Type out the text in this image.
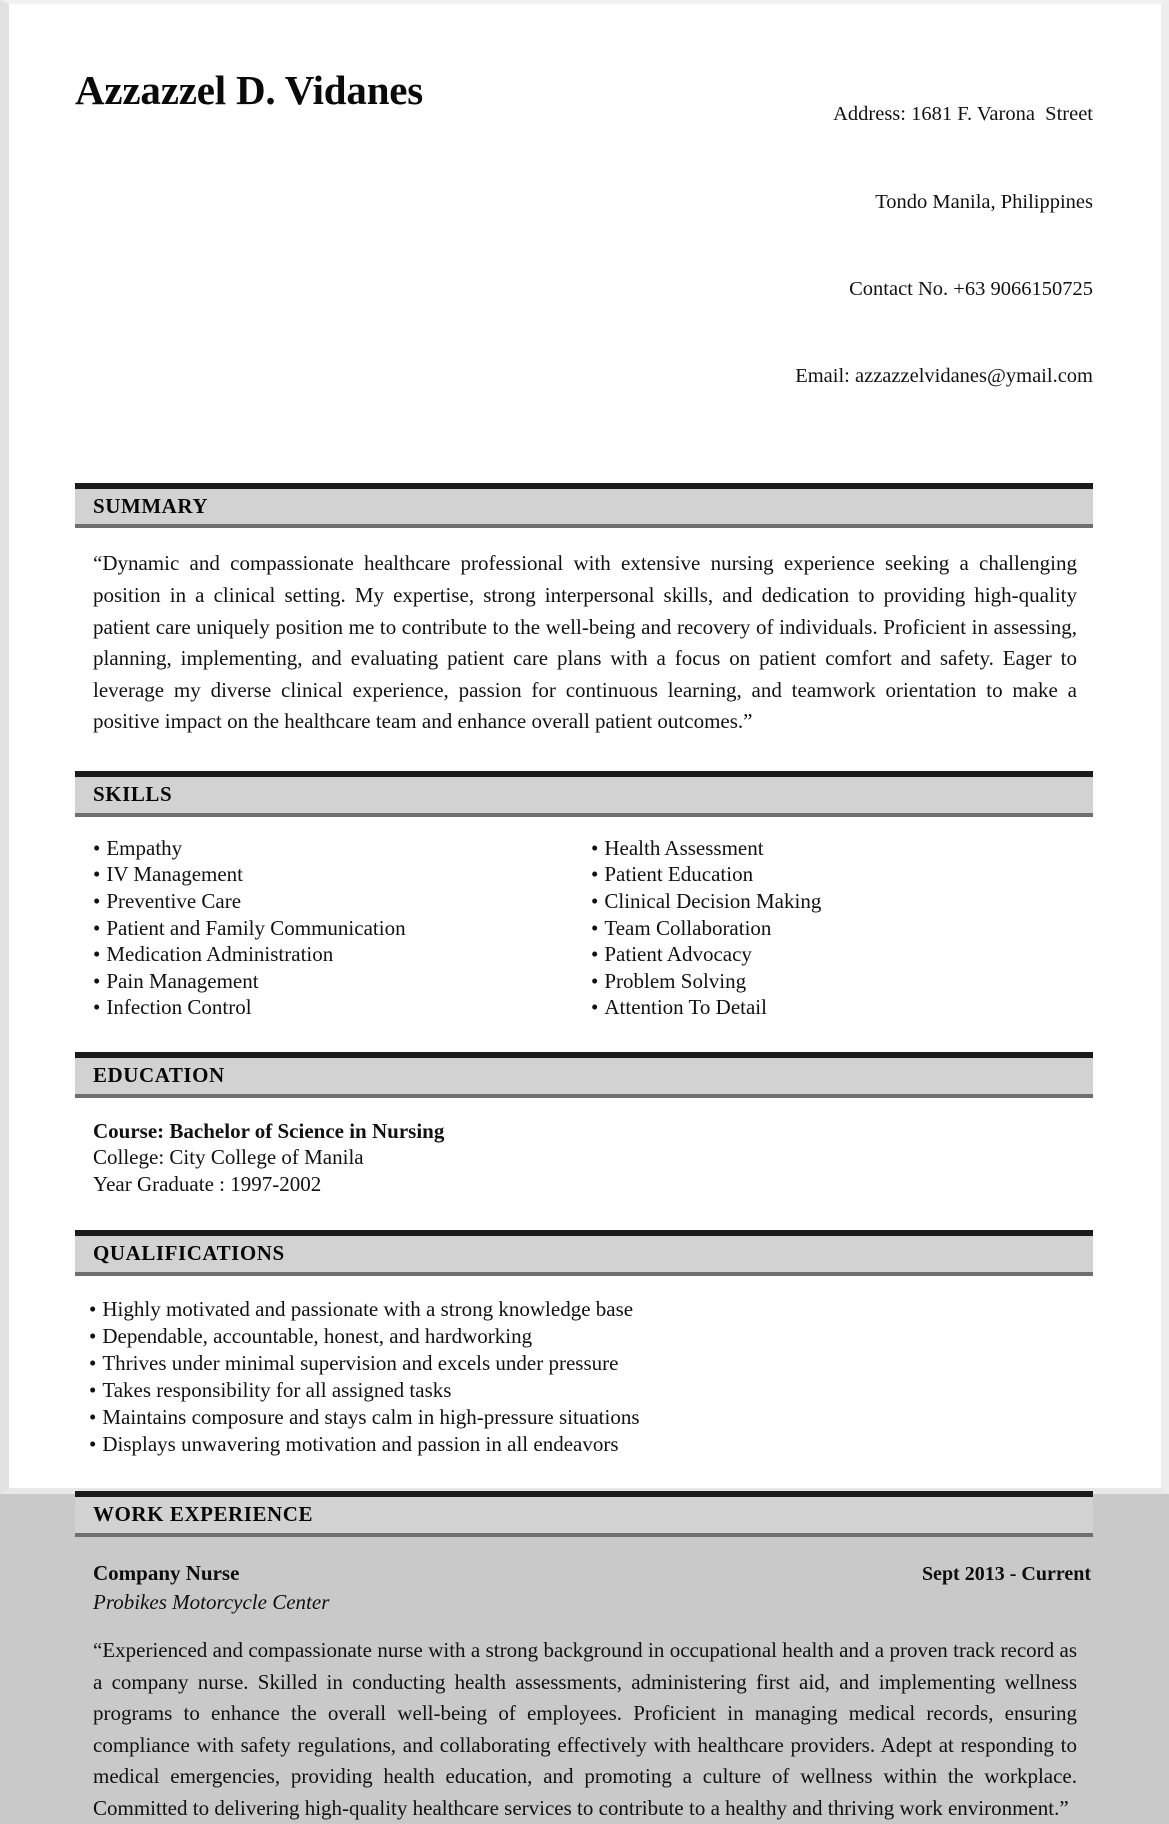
Azzazzel D. Vidanes

Address: 1681 F. Varona  Street

Tondo Manila, Philippines

Contact No. +63 9066150725

Email: azzazzelvidanes@ymail.com

SUMMARY
“Dynamic and compassionate healthcare professional with extensive nursing experience seeking a challenging position in a clinical setting. My expertise, strong interpersonal skills, and dedication to providing high-quality patient care uniquely position me to contribute to the well-being and recovery of individuals. Proficient in assessing, planning, implementing, and evaluating patient care plans with a focus on patient comfort and safety. Eager to leverage my diverse clinical experience, passion for continuous learning, and teamwork orientation to make a positive impact on the healthcare team and enhance overall patient outcomes.”
SKILLS
• Empathy
• IV Management
• Preventive Care
• Patient and Family Communication
• Medication Administration
• Pain Management
• Infection Control
• Health Assessment
• Patient Education
• Clinical Decision Making
• Team Collaboration
• Patient Advocacy
• Problem Solving
• Attention To Detail
EDUCATION
Course: Bachelor of Science in Nursing
College: City College of Manila
Year Graduate : 1997-2002
QUALIFICATIONS
• Highly motivated and passionate with a strong knowledge base
• Dependable, accountable, honest, and hardworking
• Thrives under minimal supervision and excels under pressure
• Takes responsibility for all assigned tasks
• Maintains composure and stays calm in high-pressure situations
• Displays unwavering motivation and passion in all endeavors
WORK EXPERIENCE
Company Nurse	Sept 2013 - Current
Probikes Motorcycle Center
“Experienced and compassionate nurse with a strong background in occupational health and a proven track record as a company nurse. Skilled in conducting health assessments, administering first aid, and implementing wellness programs to enhance the overall well-being of employees. Proficient in managing medical records, ensuring compliance with safety regulations, and collaborating effectively with healthcare providers. Adept at responding to medical emergencies, providing health education, and promoting a culture of wellness within the workplace. Committed to delivering high-quality healthcare services to contribute to a healthy and thriving work environment.”
